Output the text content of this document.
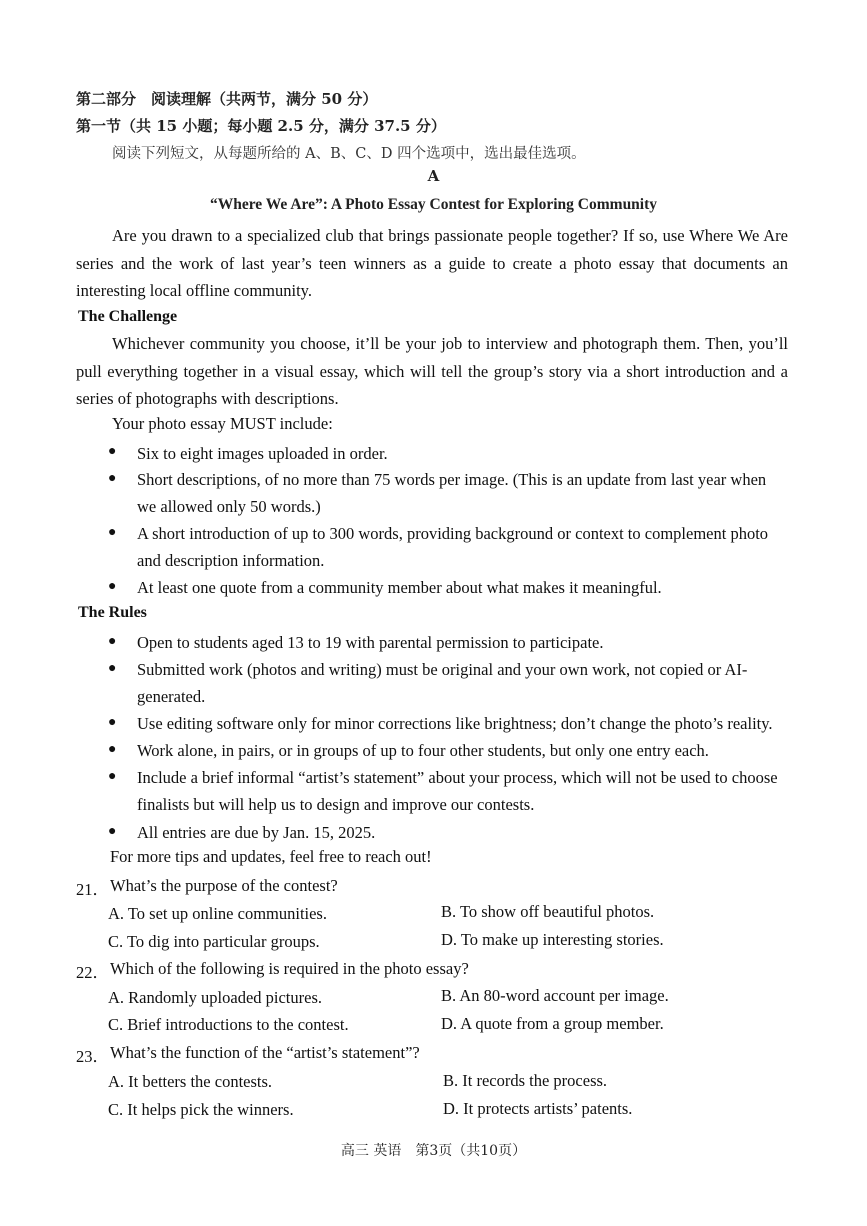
第二部分　阅读理解（共两节，满分 50 分）
第一节（共 15 小题；每小题 2.5 分，满分 37.5 分）
阅读下列短文，从每题所给的 A、B、C、D 四个选项中，选出最佳选项。
A
“Where We Are”: A Photo Essay Contest for Exploring Community
Are you drawn to a specialized club that brings passionate people together? If so, use Where We Are series and the work of last year’s teen winners as a guide to create a photo essay that documents an interesting local offline community.
The Challenge
Whichever community you choose, it’ll be your job to interview and photograph them. Then, you’ll pull everything together in a visual essay, which will tell the group’s story via a short introduction and a series of photographs with descriptions.
Your photo essay MUST include:
● Six to eight images uploaded in order.
● Short descriptions, of no more than 75 words per image. (This is an update from last year when we allowed only 50 words.)
● A short introduction of up to 300 words, providing background or context to complement photo and description information.
● At least one quote from a community member about what makes it meaningful.
The Rules
● Open to students aged 13 to 19 with parental permission to participate.
● Submitted work (photos and writing) must be original and your own work, not copied or AI-generated.
● Use editing software only for minor corrections like brightness; don’t change the photo’s reality.
● Work alone, in pairs, or in groups of up to four other students, but only one entry each.
● Include a brief informal “artist’s statement” about your process, which will not be used to choose finalists but will help us to design and improve our contests.
● All entries are due by Jan. 15, 2025.
For more tips and updates, feel free to reach out!
21． What’s the purpose of the contest?
A. To set up online communities.	B. To show off beautiful photos.
C. To dig into particular groups.	D. To make up interesting stories.
22． Which of the following is required in the photo essay?
A. Randomly uploaded pictures.	B. An 80-word account per image.
C. Brief introductions to the contest.	D. A quote from a group member.
23． What’s the function of the “artist’s statement”?
A. It betters the contests.	B. It records the process.
C. It helps pick the winners.	D. It protects artists’ patents.
高三 英语　第3页（共10页）
